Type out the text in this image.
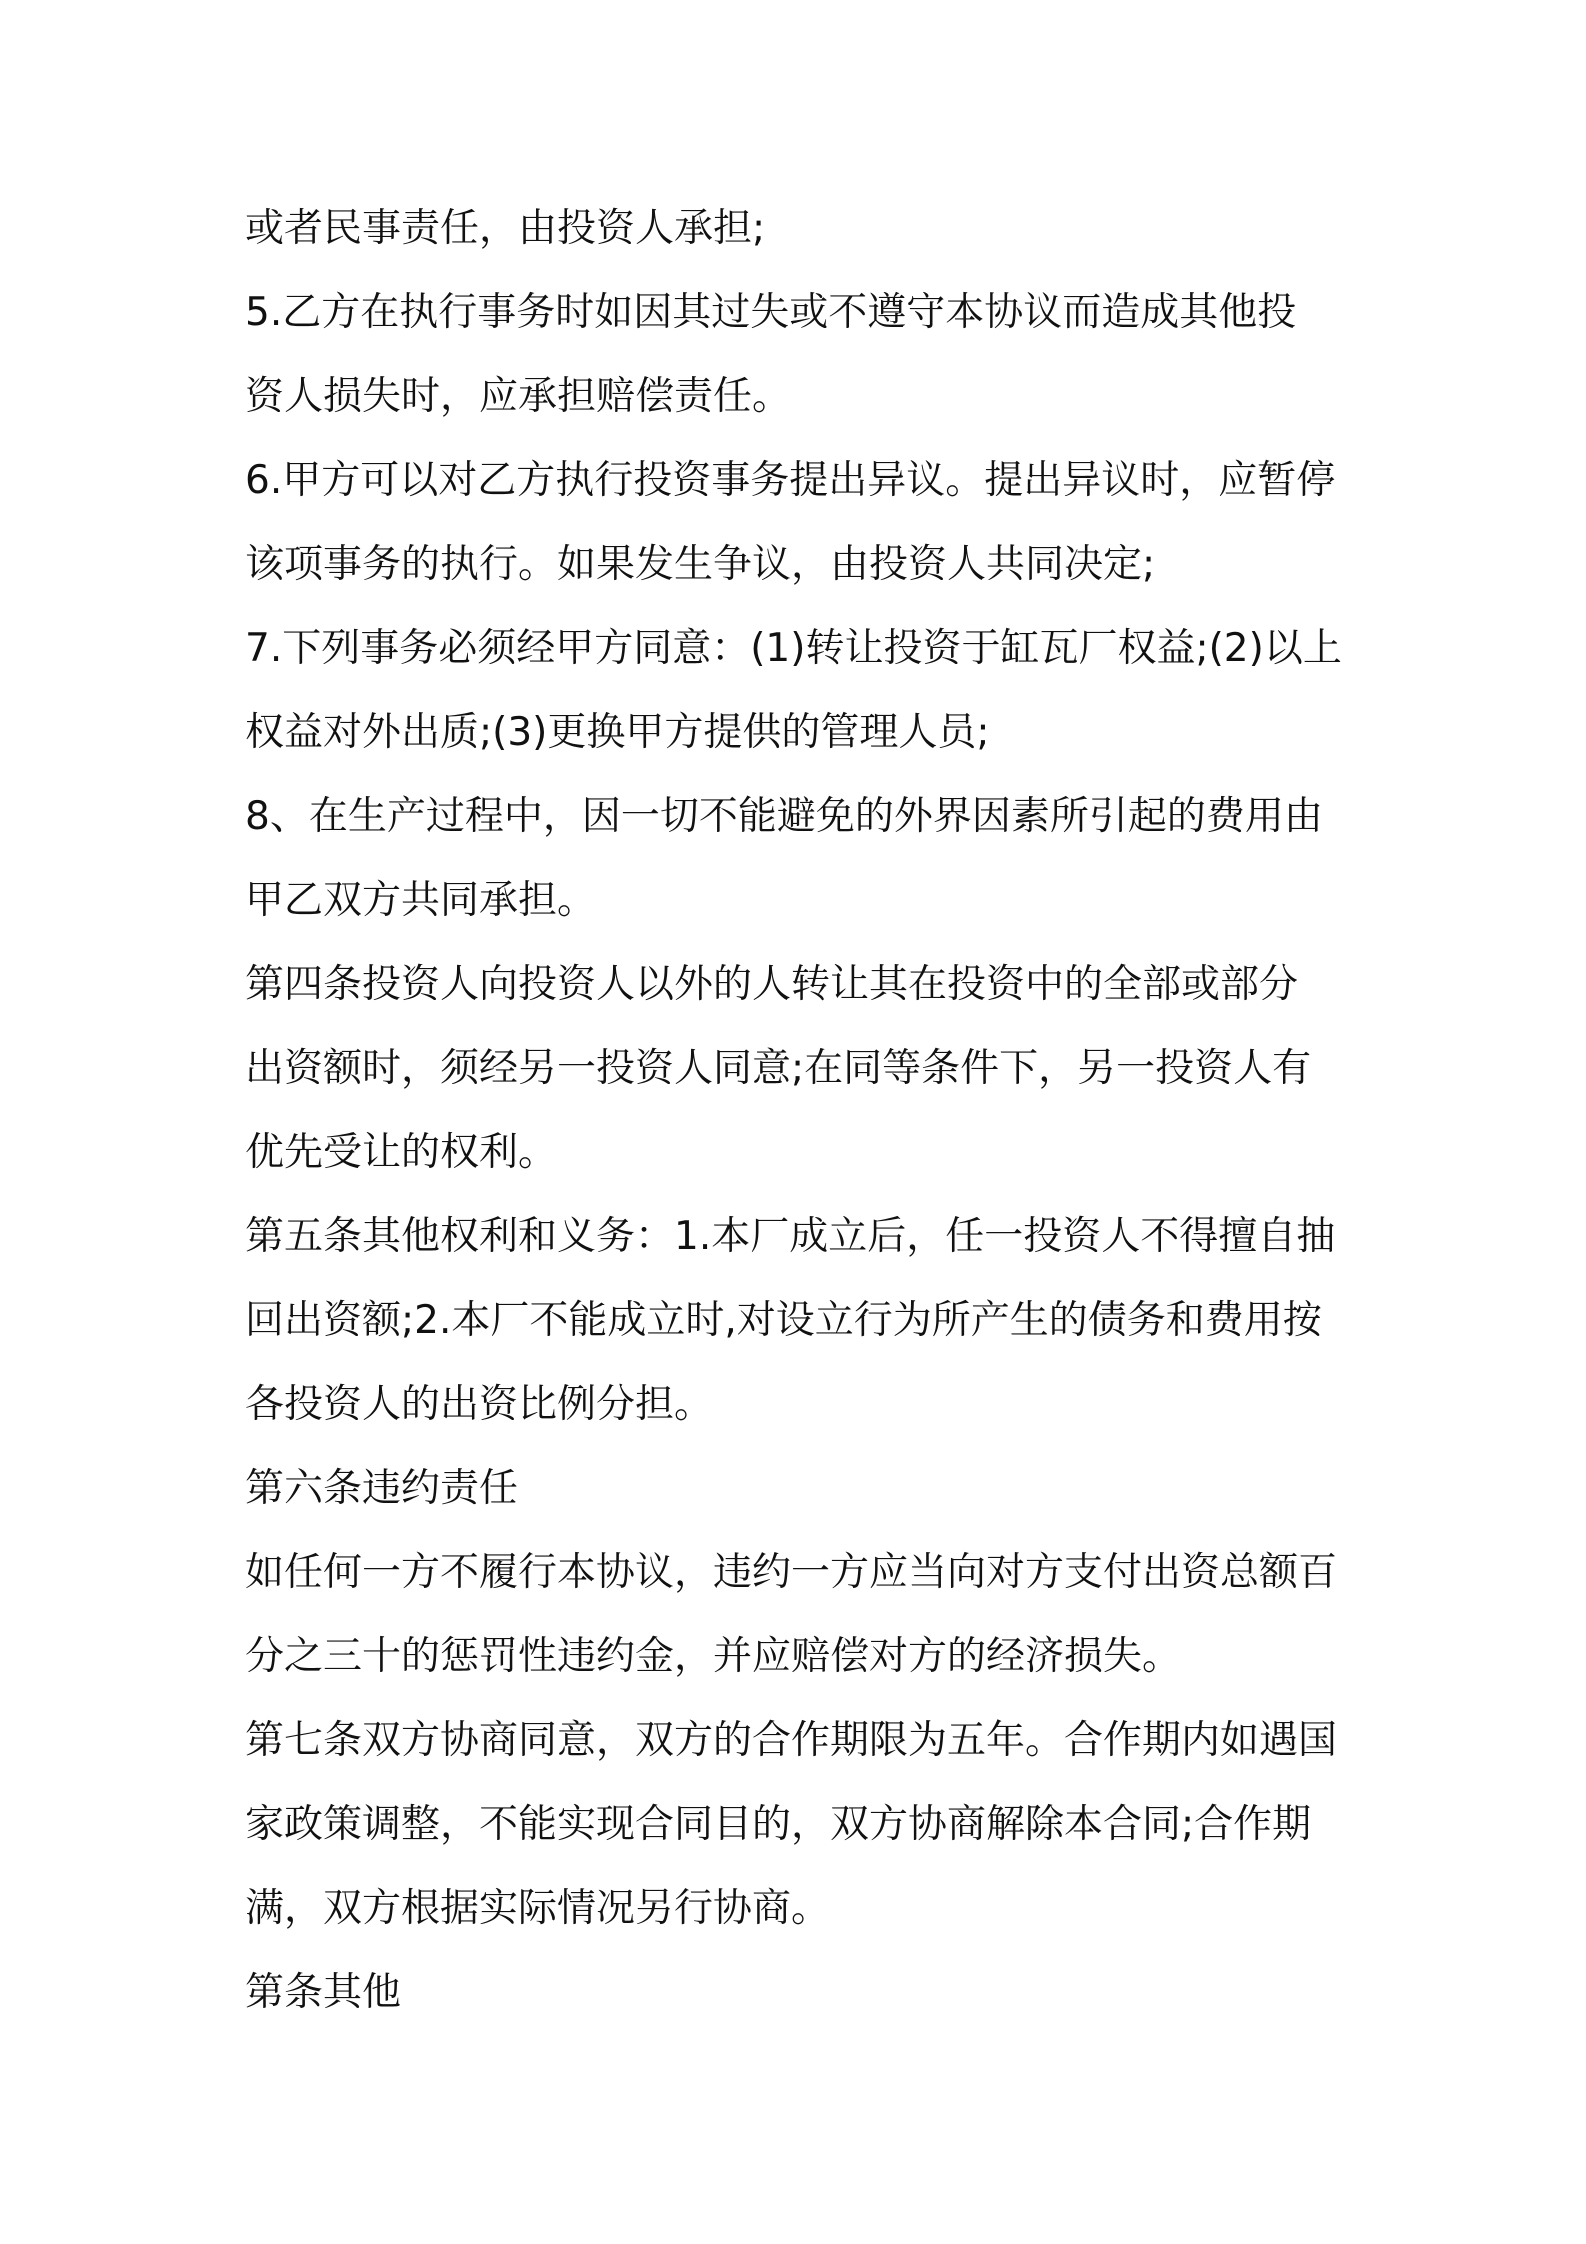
或者民事责任，由投资人承担;
5.乙方在执行事务时如因其过失或不遵守本协议而造成其他投
资人损失时，应承担赔偿责任。
6.甲方可以对乙方执行投资事务提出异议。提出异议时，应暂停
该项事务的执行。如果发生争议，由投资人共同决定;
7.下列事务必须经甲方同意：(1)转让投资于缸瓦厂权益;(2)以上
权益对外出质;(3)更换甲方提供的管理人员;
8、在生产过程中，因一切不能避免的外界因素所引起的费用由
甲乙双方共同承担。
第四条投资人向投资人以外的人转让其在投资中的全部或部分
出资额时，须经另一投资人同意;在同等条件下，另一投资人有
优先受让的权利。
第五条其他权利和义务：1.本厂成立后，任一投资人不得擅自抽
回出资额;2.本厂不能成立时,对设立行为所产生的债务和费用按
各投资人的出资比例分担。
第六条违约责任
如任何一方不履行本协议，违约一方应当向对方支付出资总额百
分之三十的惩罚性违约金，并应赔偿对方的经济损失。
第七条双方协商同意，双方的合作期限为五年。合作期内如遇国
家政策调整，不能实现合同目的，双方协商解除本合同;合作期
满，双方根据实际情况另行协商。
第条其他
